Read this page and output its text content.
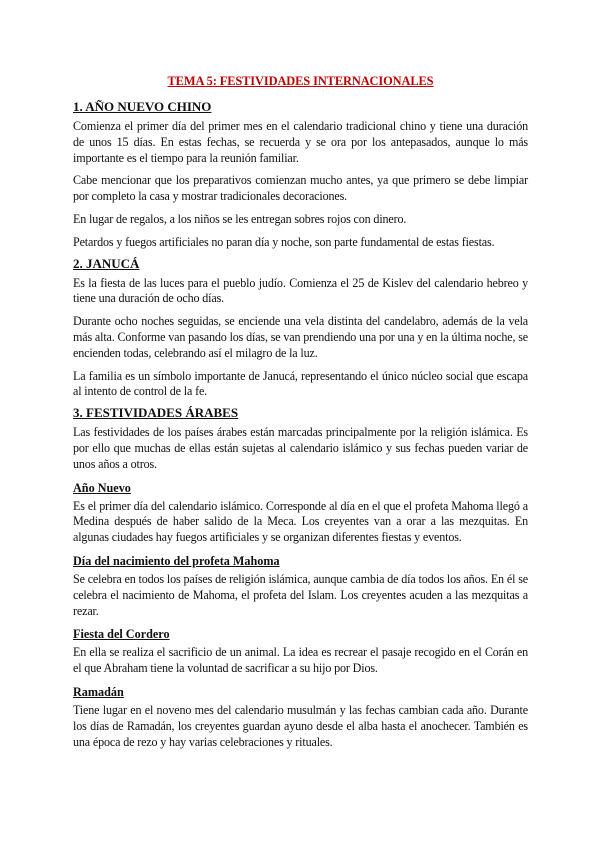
TEMA 5: FESTIVIDADES INTERNACIONALES
1. AÑO NUEVO CHINO

Comienza el primer día del primer mes en el calendario tradicional chino y tiene una duración de unos 15 días. En estas fechas, se recuerda y se ora por los antepasados, aunque lo más importante es el tiempo para la reunión familiar.

Cabe mencionar que los preparativos comienzan mucho antes, ya que primero se debe limpiar por completo la casa y mostrar tradicionales decoraciones.

En lugar de regalos, a los niños se les entregan sobres rojos con dinero.

Petardos y fuegos artificiales no paran día y noche, son parte fundamental de estas fiestas.

2. JANUCÁ

Es la fiesta de las luces para el pueblo judío. Comienza el 25 de Kislev del calendario hebreo y tiene una duración de ocho días.

Durante ocho noches seguidas, se enciende una vela distinta del candelabro, además de la vela más alta. Conforme van pasando los días, se van prendiendo una por una y en la última noche, se encienden todas, celebrando así el milagro de la luz.

La familia es un símbolo importante de Janucá, representando el único núcleo social que escapa al intento de control de la fe.

3. FESTIVIDADES ÁRABES

Las festividades de los países árabes están marcadas principalmente por la religión islámica. Es por ello que muchas de ellas están sujetas al calendario islámico y sus fechas pueden variar de unos años a otros.

Año Nuevo

Es el primer día del calendario islámico. Corresponde al día en el que el profeta Mahoma llegó a Medina después de haber salido de la Meca. Los creyentes van a orar a las mezquitas. En algunas ciudades hay fuegos artificiales y se organizan diferentes fiestas y eventos.

Día del nacimiento del profeta Mahoma

Se celebra en todos los países de religión islámica, aunque cambia de día todos los años. En él se celebra el nacimiento de Mahoma, el profeta del Islam. Los creyentes acuden a las mezquitas a rezar.

Fiesta del Cordero

En ella se realiza el sacrificio de un animal. La idea es recrear el pasaje recogido en el Corán en el que Abraham tiene la voluntad de sacrificar a su hijo por Dios.

Ramadán

Tiene lugar en el noveno mes del calendario musulmán y las fechas cambian cada año. Durante los días de Ramadán, los creyentes guardan ayuno desde el alba hasta el anochecer. También es una época de rezo y hay varias celebraciones y rituales.
